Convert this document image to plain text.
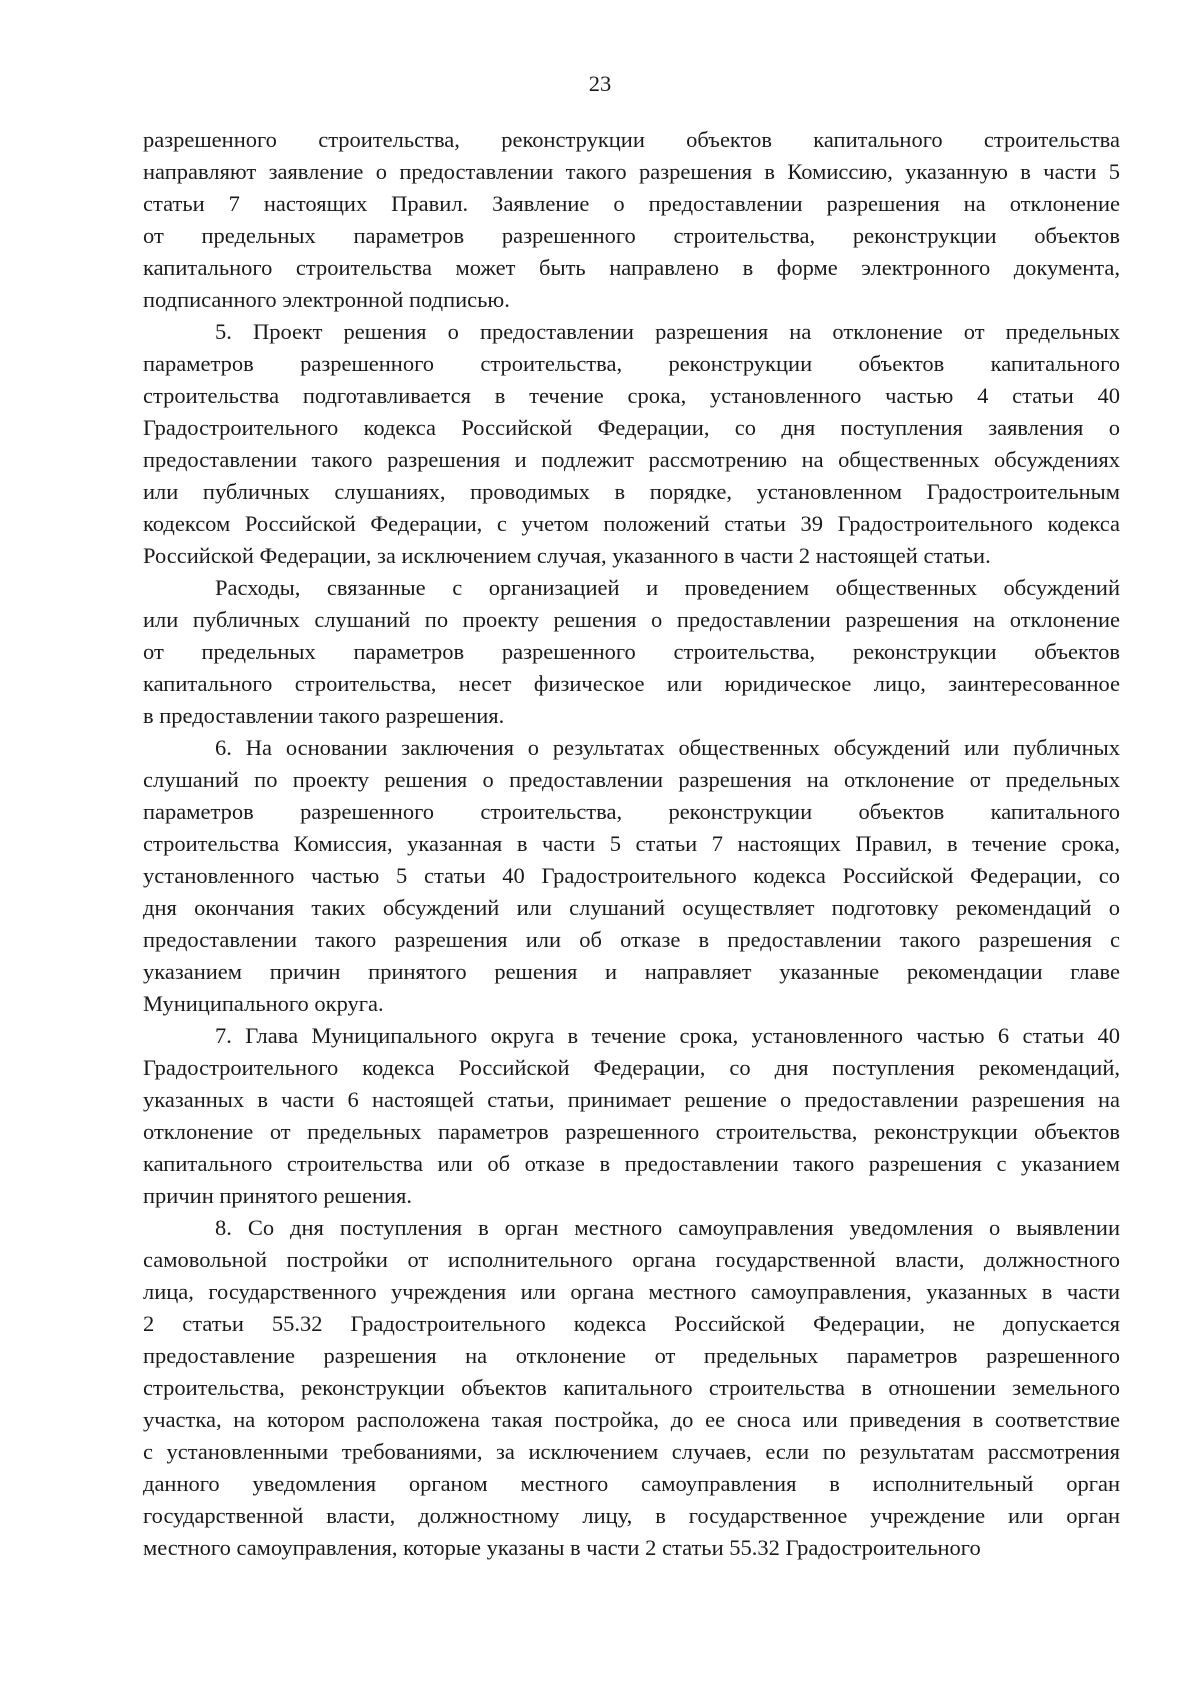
23
разрешенного строительства, реконструкции объектов капитального строительства
направляют заявление о предоставлении такого разрешения в Комиссию, указанную в части 5
статьи 7 настоящих Правил. Заявление о предоставлении разрешения на отклонение
от предельных параметров разрешенного строительства, реконструкции объектов
капитального строительства может быть направлено в форме электронного документа,
подписанного электронной подписью.
5. Проект решения о предоставлении разрешения на отклонение от предельных
параметров разрешенного строительства, реконструкции объектов капитального
строительства подготавливается в течение срока, установленного частью 4 статьи 40
Градостроительного кодекса Российской Федерации, со дня поступления заявления о
предоставлении такого разрешения и подлежит рассмотрению на общественных обсуждениях
или публичных слушаниях, проводимых в порядке, установленном Градостроительным
кодексом Российской Федерации, с учетом положений статьи 39 Градостроительного кодекса
Российской Федерации, за исключением случая, указанного в части 2 настоящей статьи.
Расходы, связанные с организацией и проведением общественных обсуждений
или публичных слушаний по проекту решения о предоставлении разрешения на отклонение
от предельных параметров разрешенного строительства, реконструкции объектов
капитального строительства, несет физическое или юридическое лицо, заинтересованное
в предоставлении такого разрешения.
6. На основании заключения о результатах общественных обсуждений или публичных
слушаний по проекту решения о предоставлении разрешения на отклонение от предельных
параметров разрешенного строительства, реконструкции объектов капитального
строительства Комиссия, указанная в части 5 статьи 7 настоящих Правил, в течение срока,
установленного частью 5 статьи 40 Градостроительного кодекса Российской Федерации, со
дня окончания таких обсуждений или слушаний осуществляет подготовку рекомендаций о
предоставлении такого разрешения или об отказе в предоставлении такого разрешения с
указанием причин принятого решения и направляет указанные рекомендации главе
Муниципального округа.
7. Глава Муниципального округа в течение срока, установленного частью 6 статьи 40
Градостроительного кодекса Российской Федерации, со дня поступления рекомендаций,
указанных в части 6 настоящей статьи, принимает решение о предоставлении разрешения на
отклонение от предельных параметров разрешенного строительства, реконструкции объектов
капитального строительства или об отказе в предоставлении такого разрешения с указанием
причин принятого решения.
8. Со дня поступления в орган местного самоуправления уведомления о выявлении
самовольной постройки от исполнительного органа государственной власти, должностного
лица, государственного учреждения или органа местного самоуправления, указанных в части
2 статьи 55.32 Градостроительного кодекса Российской Федерации, не допускается
предоставление разрешения на отклонение от предельных параметров разрешенного
строительства, реконструкции объектов капитального строительства в отношении земельного
участка, на котором расположена такая постройка, до ее сноса или приведения в соответствие
с установленными требованиями, за исключением случаев, если по результатам рассмотрения
данного уведомления органом местного самоуправления в исполнительный орган
государственной власти, должностному лицу, в государственное учреждение или орган
местного самоуправления, которые указаны в части 2 статьи 55.32 Градостроительного
